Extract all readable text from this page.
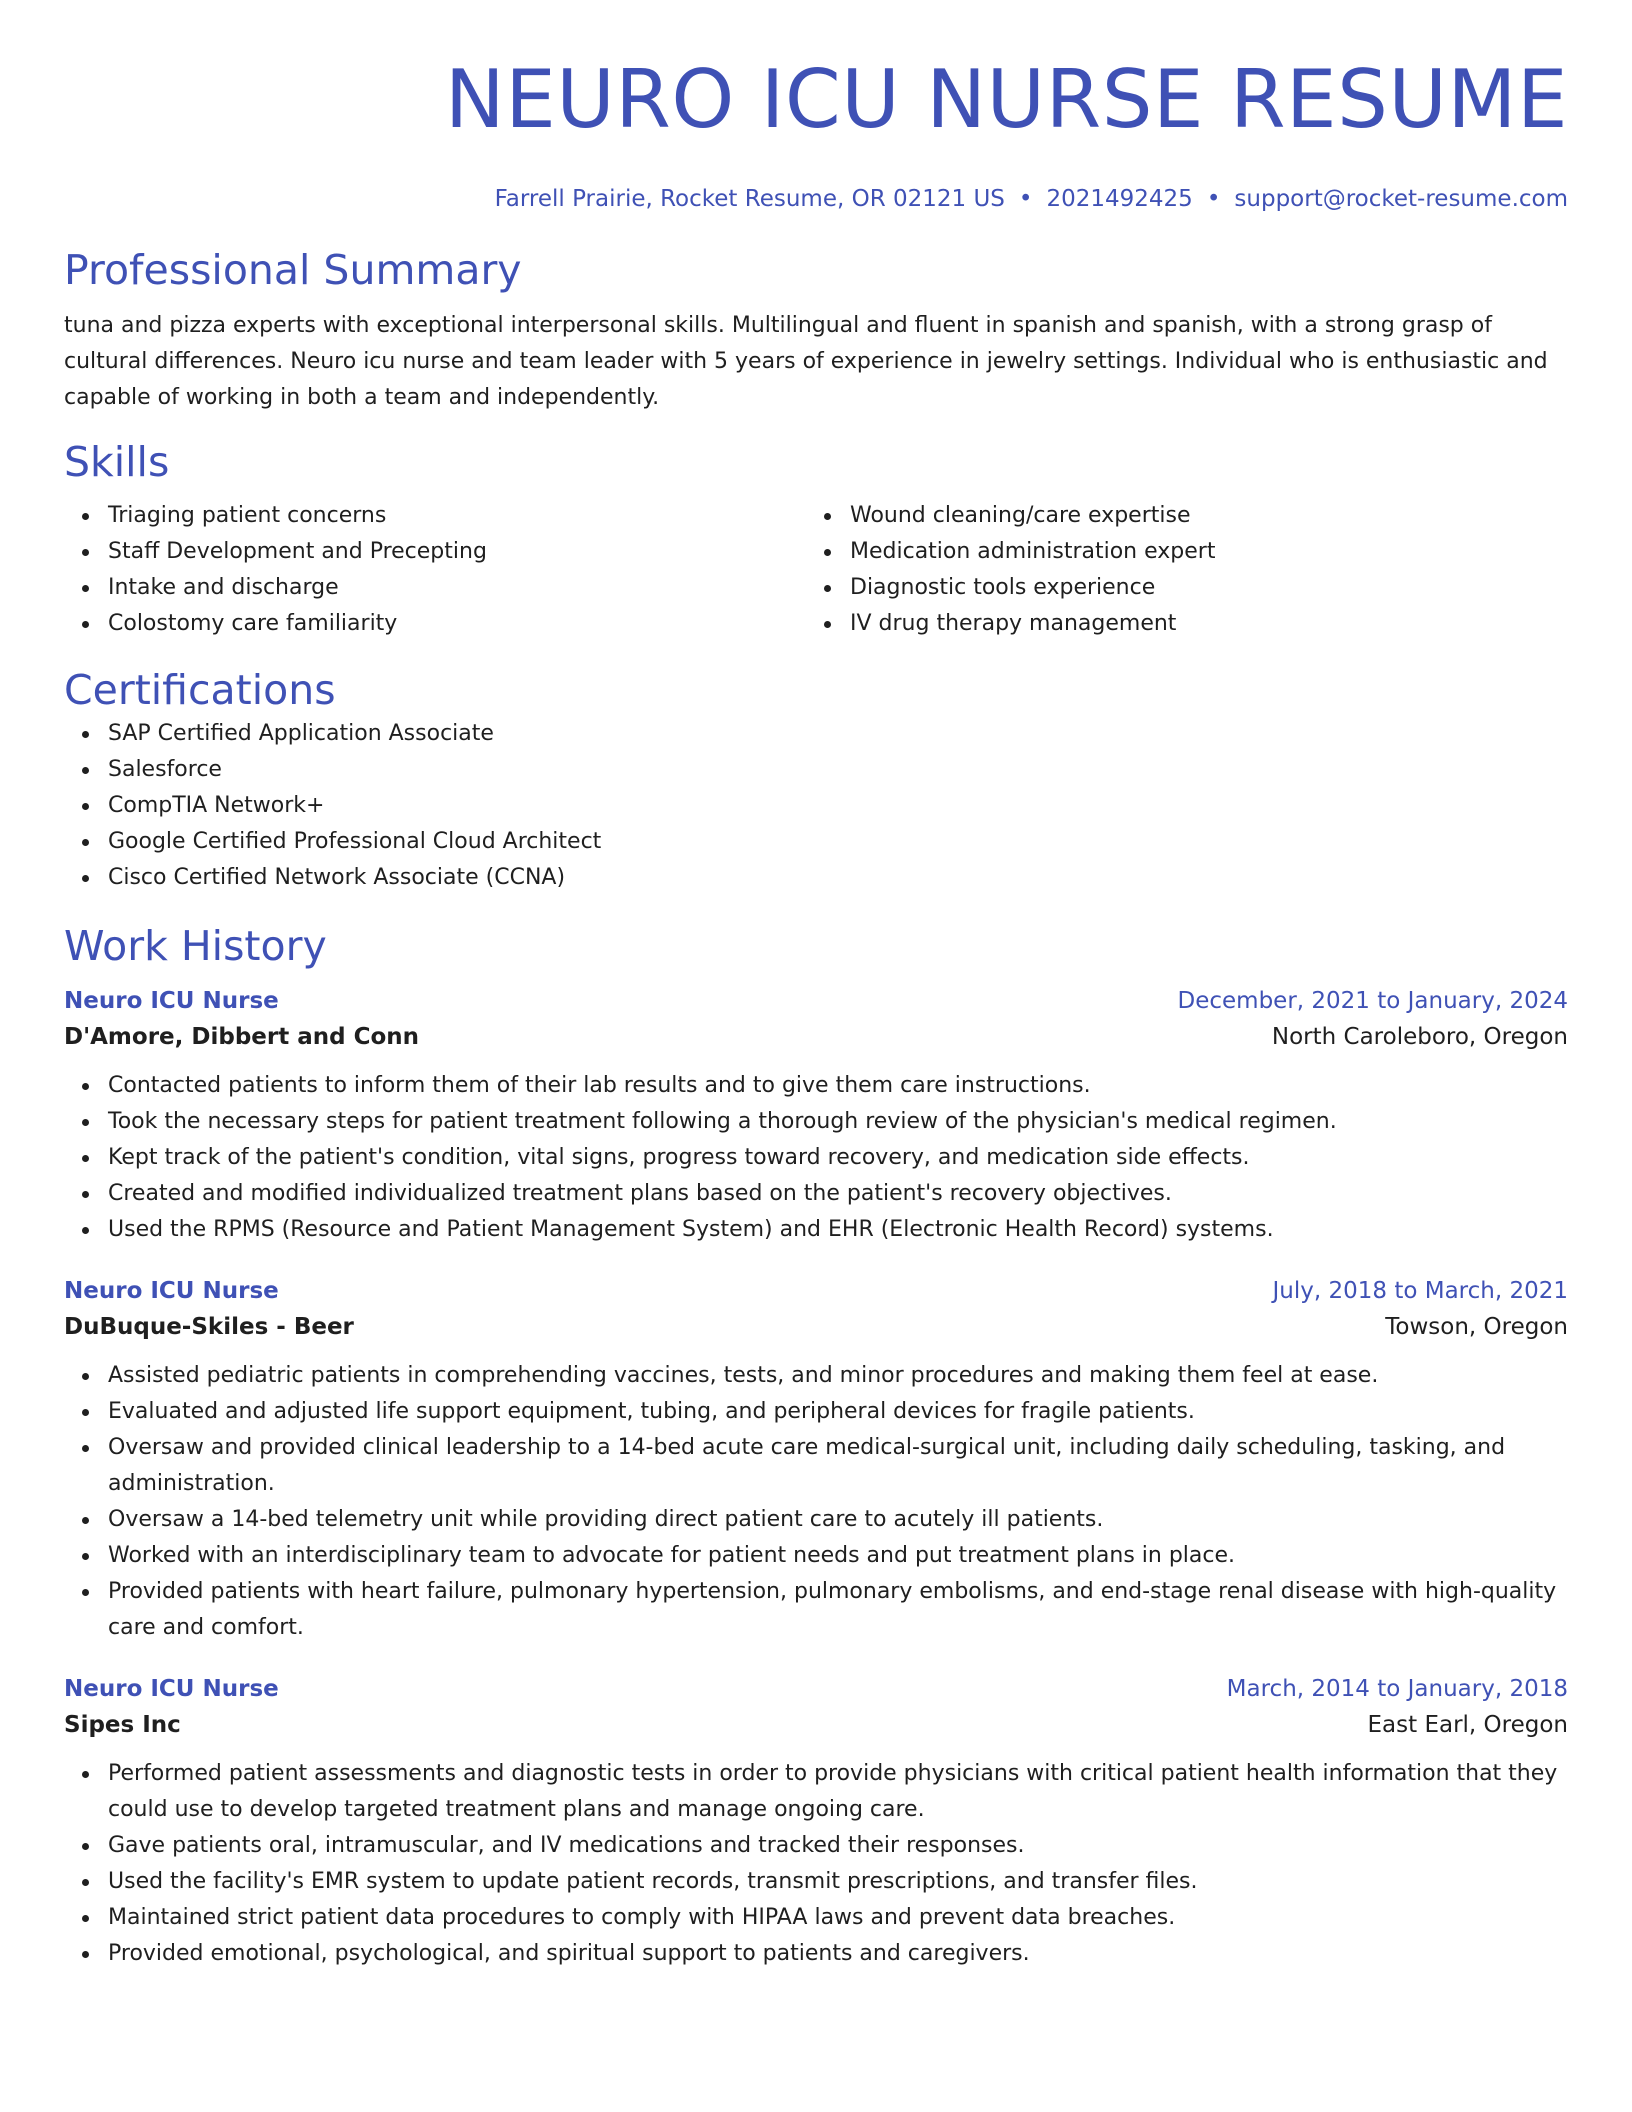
NEURO ICU NURSE RESUME
Farrell Prairie, Rocket Resume, OR 02121 US • 2021492425 • support@rocket-resume.com
Professional Summary
tuna and pizza experts with exceptional interpersonal skills. Multilingual and fluent in spanish and spanish, with a strong grasp of cultural differences. Neuro icu nurse and team leader with 5 years of experience in jewelry settings. Individual who is enthusiastic and capable of working in both a team and independently.
Skills
Triaging patient concerns
Staff Development and Precepting
Intake and discharge
Colostomy care familiarity
Wound cleaning/care expertise
Medication administration expert
Diagnostic tools experience
IV drug therapy management
Certifications
SAP Certified Application Associate
Salesforce
CompTIA Network+
Google Certified Professional Cloud Architect
Cisco Certified Network Associate (CCNA)
Work History
Neuro ICU Nurse	December, 2021 to January, 2024
D'Amore, Dibbert and Conn	North Caroleboro, Oregon
Contacted patients to inform them of their lab results and to give them care instructions.
Took the necessary steps for patient treatment following a thorough review of the physician's medical regimen.
Kept track of the patient's condition, vital signs, progress toward recovery, and medication side effects.
Created and modified individualized treatment plans based on the patient's recovery objectives.
Used the RPMS (Resource and Patient Management System) and EHR (Electronic Health Record) systems.
Neuro ICU Nurse	July, 2018 to March, 2021
DuBuque-Skiles - Beer	Towson, Oregon
Assisted pediatric patients in comprehending vaccines, tests, and minor procedures and making them feel at ease.
Evaluated and adjusted life support equipment, tubing, and peripheral devices for fragile patients.
Oversaw and provided clinical leadership to a 14-bed acute care medical-surgical unit, including daily scheduling, tasking, and administration.
Oversaw a 14-bed telemetry unit while providing direct patient care to acutely ill patients.
Worked with an interdisciplinary team to advocate for patient needs and put treatment plans in place.
Provided patients with heart failure, pulmonary hypertension, pulmonary embolisms, and end-stage renal disease with high-quality care and comfort.
Neuro ICU Nurse	March, 2014 to January, 2018
Sipes Inc	East Earl, Oregon
Performed patient assessments and diagnostic tests in order to provide physicians with critical patient health information that they could use to develop targeted treatment plans and manage ongoing care.
Gave patients oral, intramuscular, and IV medications and tracked their responses.
Used the facility's EMR system to update patient records, transmit prescriptions, and transfer files.
Maintained strict patient data procedures to comply with HIPAA laws and prevent data breaches.
Provided emotional, psychological, and spiritual support to patients and caregivers.
